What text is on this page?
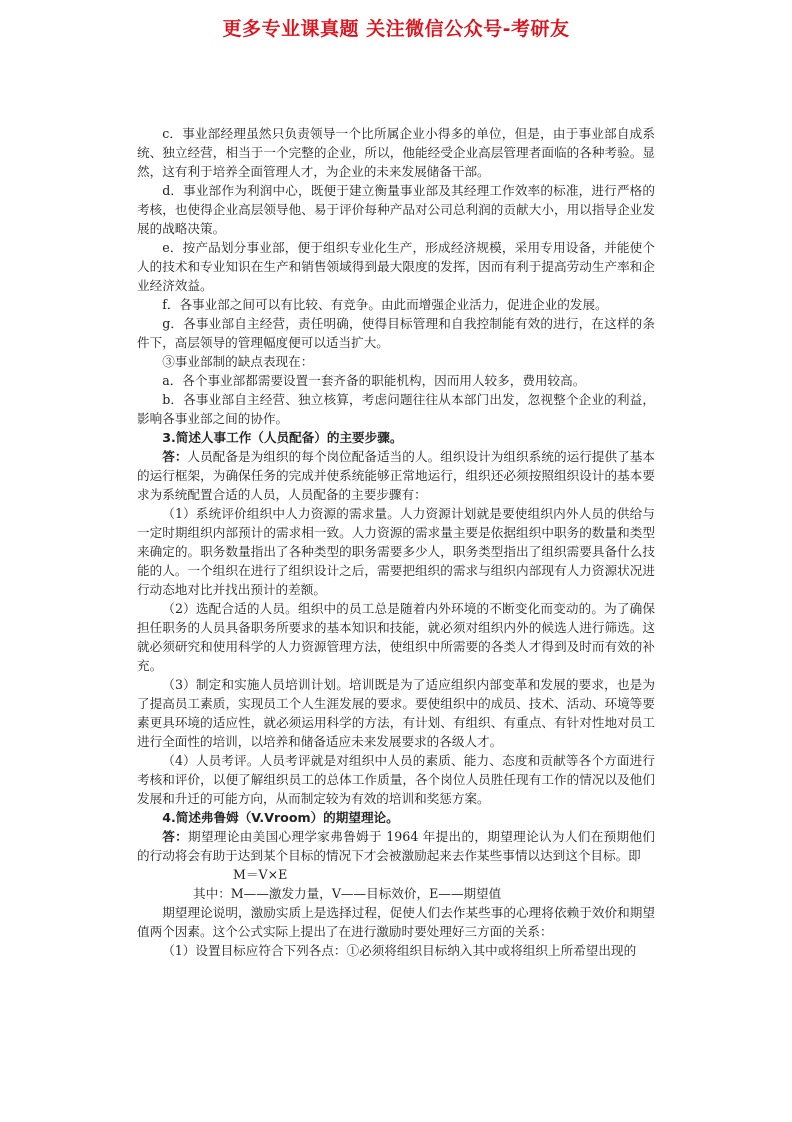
更多专业课真题 关注微信公众号-考研友

c．事业部经理虽然只负责领导一个比所属企业小得多的单位，但是，由于事业部自成系统、独立经营，相当于一个完整的企业，所以，他能经受企业高层管理者面临的各种考验。显然，这有利于培养全面管理人才，为企业的未来发展储备干部。

d．事业部作为利润中心，既便于建立衡量事业部及其经理工作效率的标准，进行严格的考核，也使得企业高层领导他、易于评价每种产品对公司总利润的贡献大小，用以指导企业发展的战略决策。

e．按产品划分事业部，便于组织专业化生产，形成经济规模，采用专用设备，并能使个人的技术和专业知识在生产和销售领域得到最大限度的发挥，因而有利于提高劳动生产率和企业经济效益。

f．各事业部之间可以有比较、有竞争。由此而增强企业活力，促进企业的发展。

g．各事业部自主经营，责任明确，使得目标管理和自我控制能有效的进行，在这样的条件下，高层领导的管理幅度便可以适当扩大。

③事业部制的缺点表现在：

a．各个事业部都需要设置一套齐备的职能机构，因而用人较多，费用较高。

b．各事业部自主经营、独立核算，考虑问题往往从本部门出发，忽视整个企业的利益，影响各事业部之间的协作。

3.简述人事工作（人员配备）的主要步骤。

答：人员配备是为组织的每个岗位配备适当的人。组织设计为组织系统的运行提供了基本的运行框架，为确保任务的完成并使系统能够正常地运行，组织还必须按照组织设计的基本要求为系统配置合适的人员，人员配备的主要步骤有：

（1）系统评价组织中人力资源的需求量。人力资源计划就是要使组织内外人员的供给与一定时期组织内部预计的需求相一致。人力资源的需求量主要是依据组织中职务的数量和类型来确定的。职务数量指出了各种类型的职务需要多少人，职务类型指出了组织需要具备什么技能的人。一个组织在进行了组织设计之后，需要把组织的需求与组织内部现有人力资源状况进行动态地对比并找出预计的差额。

（2）选配合适的人员。组织中的员工总是随着内外环境的不断变化而变动的。为了确保担任职务的人员具备职务所要求的基本知识和技能，就必须对组织内外的候选人进行筛选。这就必须研究和使用科学的人力资源管理方法，使组织中所需要的各类人才得到及时而有效的补充。

（3）制定和实施人员培训计划。培训既是为了适应组织内部变革和发展的要求，也是为了提高员工素质，实现员工个人生涯发展的要求。要使组织中的成员、技术、活动、环境等要素更具环境的适应性，就必须运用科学的方法，有计划、有组织、有重点、有针对性地对员工进行全面性的培训，以培养和储备适应未来发展要求的各级人才。

（4）人员考评。人员考评就是对组织中人员的素质、能力、态度和贡献等各个方面进行考核和评价，以便了解组织员工的总体工作质量，各个岗位人员胜任现有工作的情况以及他们发展和升迁的可能方向，从而制定较为有效的培训和奖惩方案。

4.简述弗鲁姆（V.Vroom）的期望理论。

答：期望理论由美国心理学家弗鲁姆于 1964 年提出的，期望理论认为人们在预期他们的行动将会有助于达到某个目标的情况下才会被激励起来去作某些事情以达到这个目标。即

M＝V×E

其中：M——激发力量，V——目标效价，E——期望值

期望理论说明，激励实质上是选择过程，促使人们去作某些事的心理将依赖于效价和期望值两个因素。这个公式实际上提出了在进行激励时要处理好三方面的关系：

（1）设置目标应符合下列各点：①必须将组织目标纳入其中或将组织上所希望出现的
